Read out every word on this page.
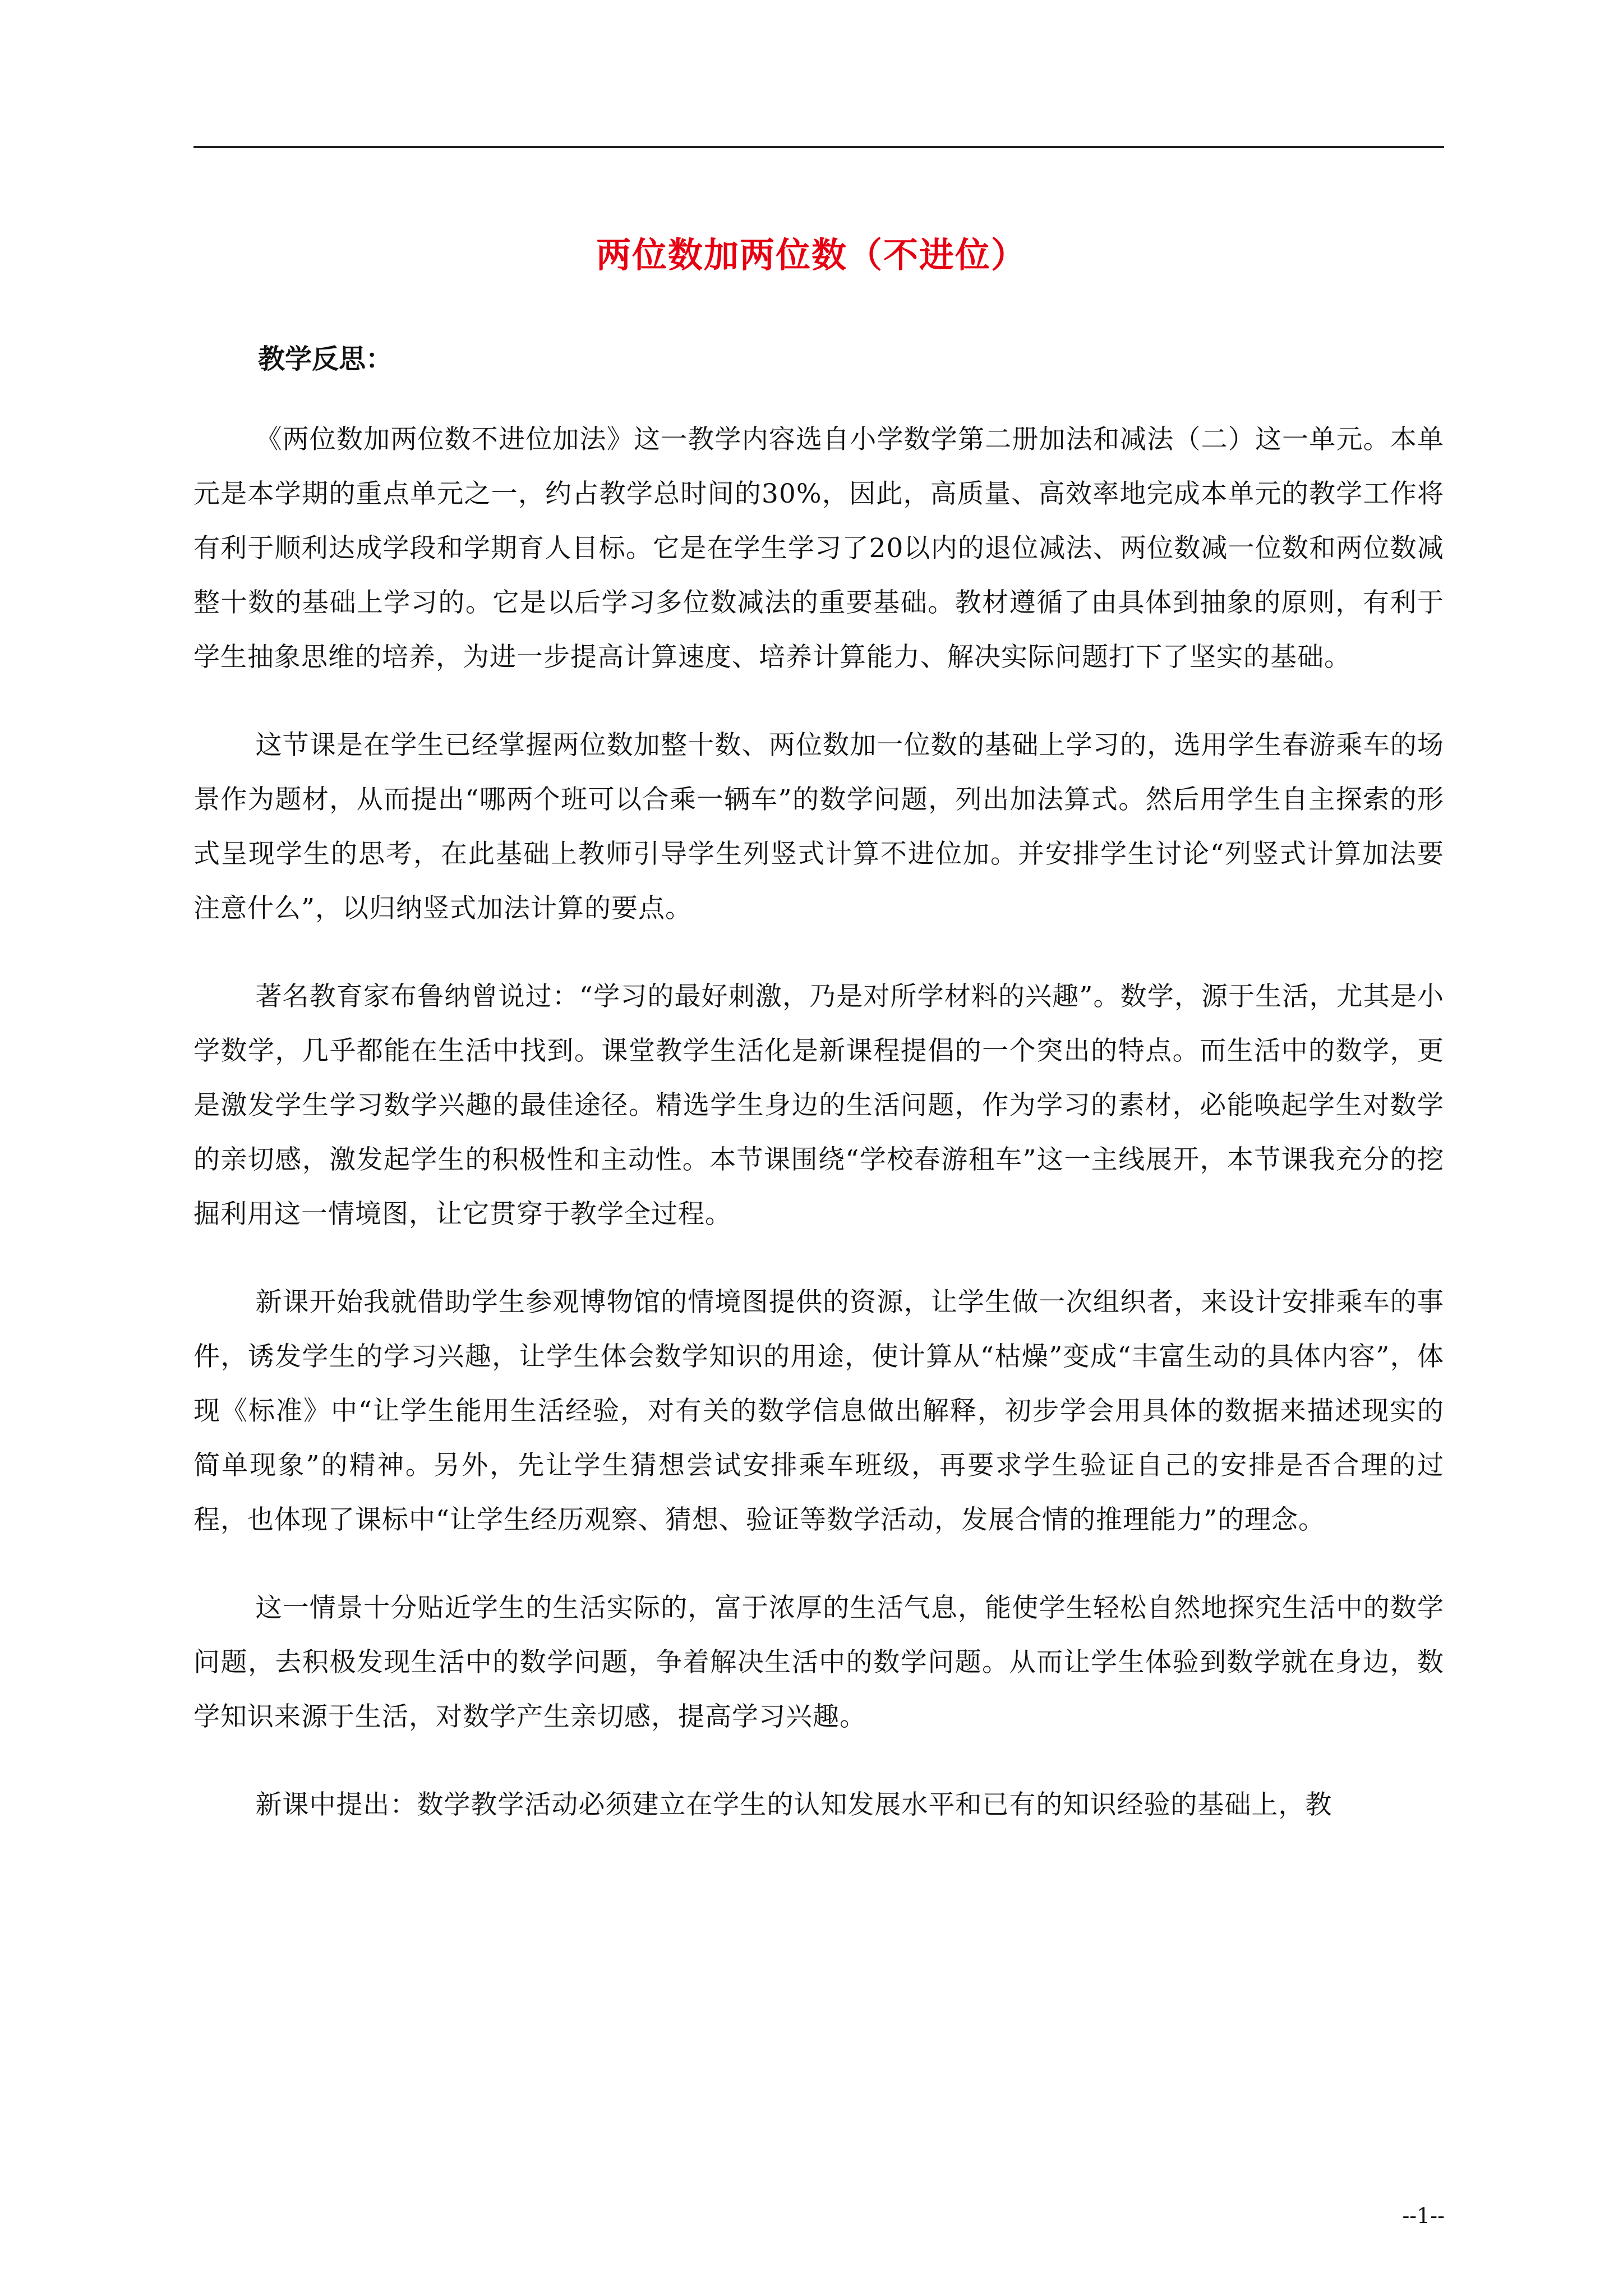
两位数加两位数（不进位）
教学反思：

《两位数加两位数不进位加法》这一教学内容选自小学数学第二册加法和减法（二）这一单元。本单元是本学期的重点单元之一，约占教学总时间的30%，因此，高质量、高效率地完成本单元的教学工作将有利于顺利达成学段和学期育人目标。它是在学生学习了20以内的退位减法、两位数减一位数和两位数减整十数的基础上学习的。它是以后学习多位数减法的重要基础。教材遵循了由具体到抽象的原则，有利于学生抽象思维的培养，为进一步提高计算速度、培养计算能力、解决实际问题打下了坚实的基础。

这节课是在学生已经掌握两位数加整十数、两位数加一位数的基础上学习的，选用学生春游乘车的场景作为题材，从而提出“哪两个班可以合乘一辆车”的数学问题，列出加法算式。然后用学生自主探索的形式呈现学生的思考，在此基础上教师引导学生列竖式计算不进位加。并安排学生讨论“列竖式计算加法要注意什么”，以归纳竖式加法计算的要点。

著名教育家布鲁纳曾说过：“学习的最好刺激，乃是对所学材料的兴趣”。数学，源于生活，尤其是小学数学，几乎都能在生活中找到。课堂教学生活化是新课程提倡的一个突出的特点。而生活中的数学，更是激发学生学习数学兴趣的最佳途径。精选学生身边的生活问题，作为学习的素材，必能唤起学生对数学的亲切感，激发起学生的积极性和主动性。本节课围绕“学校春游租车”这一主线展开，本节课我充分的挖掘利用这一情境图，让它贯穿于教学全过程。

新课开始我就借助学生参观博物馆的情境图提供的资源，让学生做一次组织者，来设计安排乘车的事件，诱发学生的学习兴趣，让学生体会数学知识的用途，使计算从“枯燥”变成“丰富生动的具体内容”，体现《标准》中“让学生能用生活经验，对有关的数学信息做出解释，初步学会用具体的数据来描述现实的简单现象”的精神。另外，先让学生猜想尝试安排乘车班级，再要求学生验证自己的安排是否合理的过程，也体现了课标中“让学生经历观察、猜想、验证等数学活动，发展合情的推理能力”的理念。

这一情景十分贴近学生的生活实际的，富于浓厚的生活气息，能使学生轻松自然地探究生活中的数学问题，去积极发现生活中的数学问题，争着解决生活中的数学问题。从而让学生体验到数学就在身边，数学知识来源于生活，对数学产生亲切感，提高学习兴趣。

新课中提出：数学教学活动必须建立在学生的认知发展水平和已有的知识经验的基础上，教

--1--
